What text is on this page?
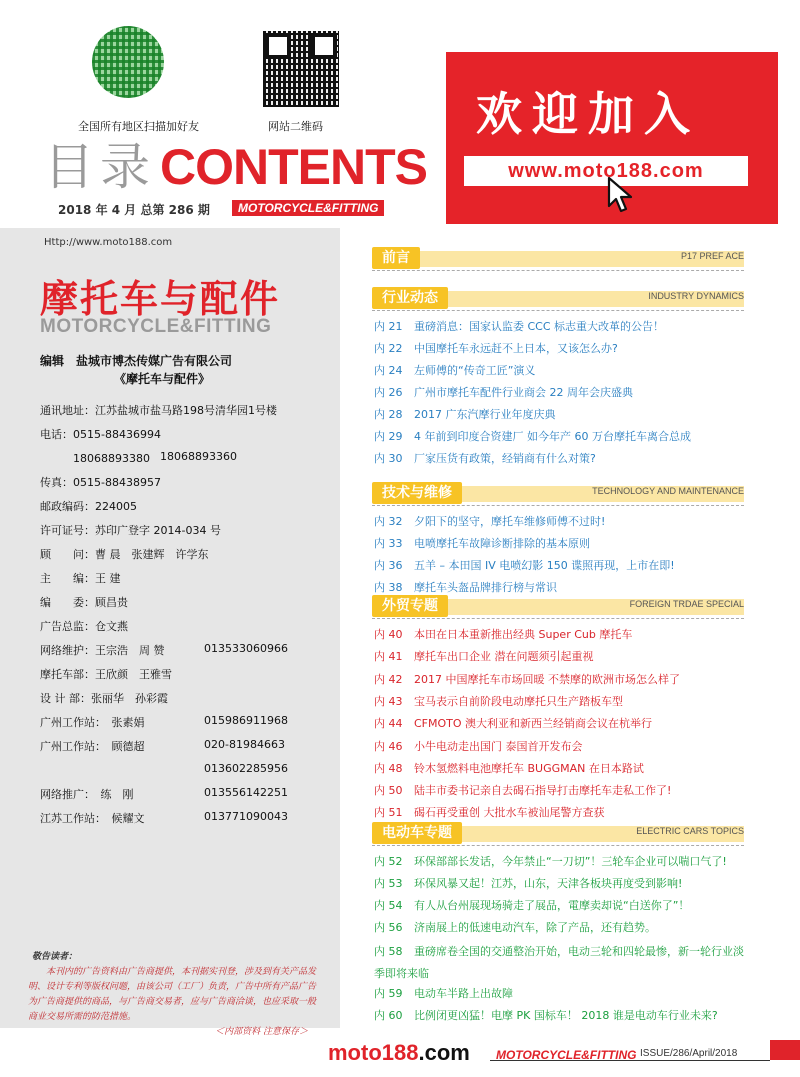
全国所有地区扫描加好友	网站二维码
目录 CONTENTS
2018 年 4 月 总第 286 期	MOTORCYCLE&FITTING
欢迎加入
www.moto188.com
Http://www.moto188.com
摩托车与配件
MOTORCYCLE&FITTING
编辑　盐城市博杰传媒广告有限公司
《摩托车与配件》
通讯地址：江苏盐城市盐马路198号清华园1号楼
电话：0515-88436994
　　　18068893380 18068893360
传真：0515-88438957
邮政编码：224005
许可证号：苏印广登字 2014-034 号
顾　　问：曹 晨　张建辉　许学东
主　　编：王 建
编　　委：顾昌贵
广告总监：仓文燕
网络维护：王宗浩　周 赞	013533060966
摩托车部：王欣颜　王雅雪
设 计 部：张丽华　孙彩霞
广州工作站：　张素娟	015986911968
广州工作站：　顾德超	020-81984663
013602285956
网络推广：　练　刚	013556142251
江苏工作站：　候耀文	013771090043
敬告读者：
本刊内的广告资料由广告商提供，本刊据实刊登，涉及到有关产品发明、设计专利等版权问题，由该公司（工厂）负责，广告中所有产品广告为广告商提供的商品，与广告商交易者，应与广告商洽谈，也应采取一般商业交易所需的防范措施。
＜内部资料 注意保存＞
前言	P17 PREF ACE
行业动态	INDUSTRY DYNAMICS
内 21 重磅消息：国家认监委 CCC 标志重大改革的公告！
内 22 中国摩托车永远赶不上日本，又该怎么办?
内 24 左师傅的“传奇工匠”演义
内 26 广州市摩托车配件行业商会 22 周年会庆盛典
内 28 2017 广东汽摩行业年度庆典
内 29 4 年前到印度合资建厂 如今年产 60 万台摩托车离合总成
内 30 厂家压货有政策，经销商有什么对策?
技术与维修	TECHNOLOGY AND MAINTENANCE
内 32 夕阳下的坚守，摩托车维修师傅不过时!
内 33 电喷摩托车故障诊断排除的基本原则
内 36 五羊 – 本田国 IV 电喷幻影 150 谍照再现，上市在即!
内 38 摩托车头盔品牌排行榜与常识
外贸专题	FOREIGN TRDAE SPECIAL
内 40 本田在日本重新推出经典 Super Cub 摩托车
内 41 摩托车出口企业 潜在问题须引起重视
内 42 2017 中国摩托车市场回暖 不禁摩的欧洲市场怎么样了
内 43 宝马表示自前阶段电动摩托只生产踏板车型
内 44 CFMOTO 澳大利亚和新西兰经销商会议在杭举行
内 46 小牛电动走出国门 泰国首开发布会
内 48 铃木氢燃料电池摩托车 BUGGMAN 在日本路试
内 50 陆丰市委书记亲自去碣石指导打击摩托车走私工作了!
内 51 碣石再受重创 大批水车被汕尾警方查获
电动车专题	ELECTRIC CARS TOPICS
内 52 环保部部长发话，今年禁止“一刀切”！三轮车企业可以喘口气了!
内 53 环保风暴又起！江苏，山东，天津各板块再度受到影响!
内 54 有人从台州展现场骑走了展品，電摩卖却说“白送你了”！
内 56 济南展上的低速电动汽车，除了产品，还有趋势。
内 58 重磅席卷全国的交通整治开始，电动三轮和四轮最惨，新一轮行业淡季即将来临
内 59 电动车半路上出故障
内 60 比例闭更凶猛！电摩 PK 国标车！ 2018 谁是电动车行业未来?
moto188.com MOTORCYCLE&FITTING ISSUE/286/April/2018
